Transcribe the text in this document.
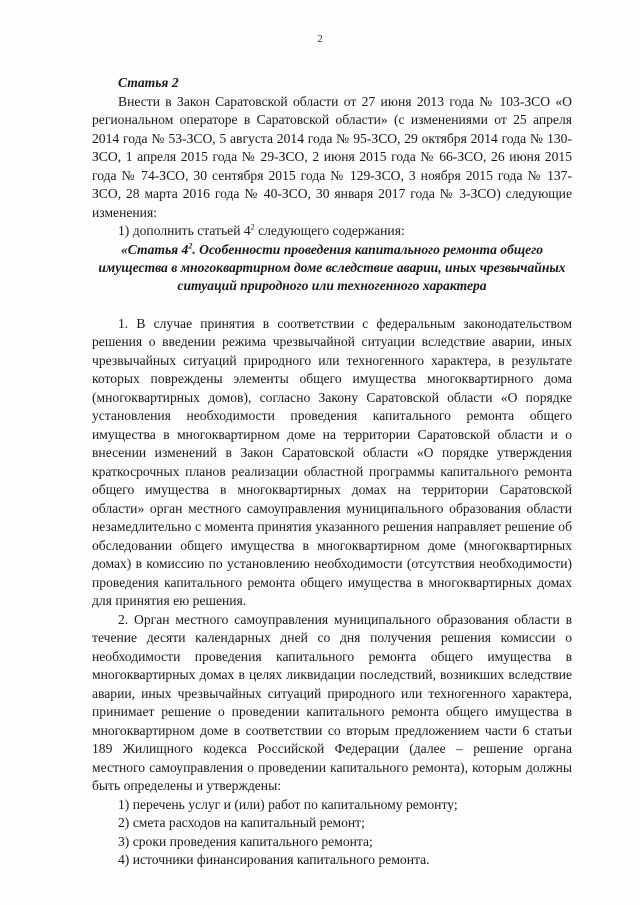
2

Статья 2

Внести в Закон Саратовской области от 27 июня 2013 года № 103-ЗСО «О региональном операторе в Саратовской области» (с изменениями от 25 апреля 2014 года № 53-ЗСО, 5 августа 2014 года № 95-ЗСО, 29 октября 2014 года № 130-ЗСО, 1 апреля 2015 года № 29-ЗСО, 2 июня 2015 года № 66-ЗСО, 26 июня 2015 года № 74-ЗСО, 30 сентября 2015 года № 129-ЗСО, 3 ноября 2015 года № 137-ЗСО, 28 марта 2016 года № 40-ЗСО, 30 января 2017 года № 3-ЗСО) следующие изменения:

1) дополнить статьей $4^2$ следующего содержания:

«Статья $4^2$. Особенности проведения капитального ремонта общего имущества в многоквартирном доме вследствие аварии, иных чрезвычайных ситуаций природного или техногенного характера

1. В случае принятия в соответствии с федеральным законодательством решения о введении режима чрезвычайной ситуации вследствие аварии, иных чрезвычайных ситуаций природного или техногенного характера, в результате которых повреждены элементы общего имущества многоквартирного дома (многоквартирных домов), согласно Закону Саратовской области «О порядке установления необходимости проведения капитального ремонта общего имущества в многоквартирном доме на территории Саратовской области и о внесении изменений в Закон Саратовской области «О порядке утверждения краткосрочных планов реализации областной программы капитального ремонта общего имущества в многоквартирных домах на территории Саратовской области» орган местного самоуправления муниципального образования области незамедлительно с момента принятия указанного решения направляет решение об обследовании общего имущества в многоквартирном доме (многоквартирных домах) в комиссию по установлению необходимости (отсутствия необходимости) проведения капитального ремонта общего имущества в многоквартирных домах для принятия ею решения.

2. Орган местного самоуправления муниципального образования области в течение десяти календарных дней со дня получения решения комиссии о необходимости проведения капитального ремонта общего имущества в многоквартирных домах в целях ликвидации последствий, возникших вследствие аварии, иных чрезвычайных ситуаций природного или техногенного характера, принимает решение о проведении капитального ремонта общего имущества в многоквартирном доме в соответствии со вторым предложением части 6 статьи 189 Жилищного кодекса Российской Федерации (далее – решение органа местного самоуправления о проведении капитального ремонта), которым должны быть определены и утверждены:

1) перечень услуг и (или) работ по капитальному ремонту;

2) смета расходов на капитальный ремонт;

3) сроки проведения капитального ремонта;

4) источники финансирования капитального ремонта.
